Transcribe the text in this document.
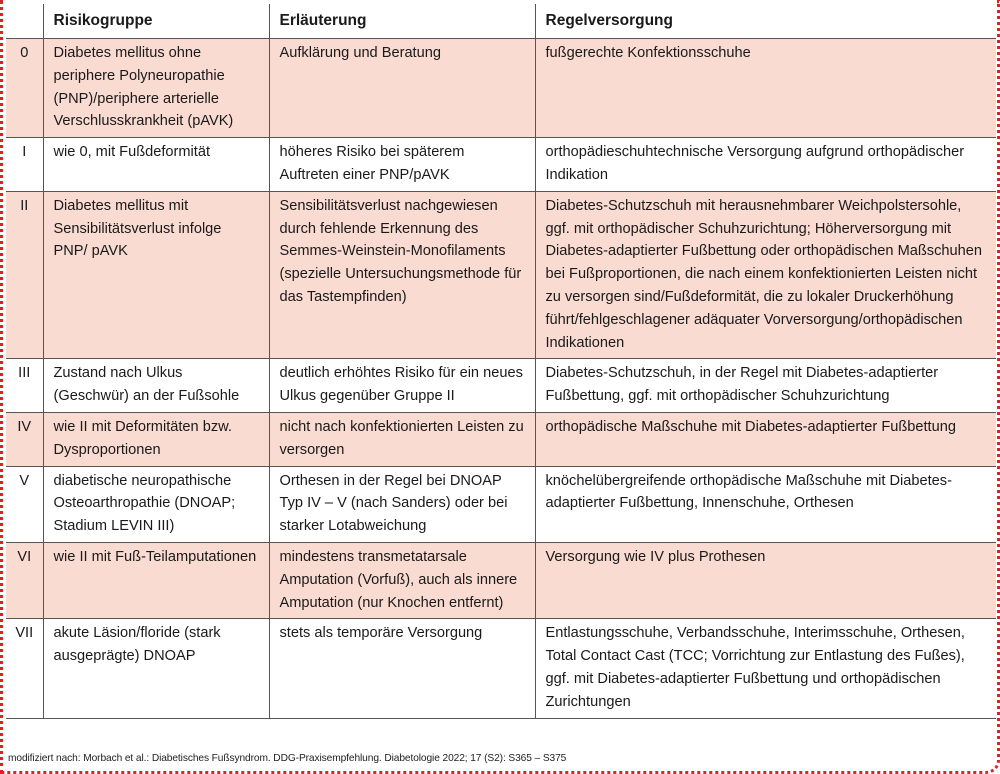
	Risikogruppe	Erläuterung	Regelversorgung
0	Diabetes mellitus ohne periphere Polyneuropathie (PNP)/periphere arterielle Verschlusskrankheit (pAVK)	Aufklärung und Beratung	fußgerechte Konfektionsschuhe
I	wie 0, mit Fußdeformität	höheres Risiko bei späterem Auftreten einer PNP/pAVK	orthopädieschuhtechnische Versorgung aufgrund orthopädischer Indikation
II	Diabetes mellitus mit Sensibilitätsverlust infolge PNP/ pAVK	Sensibilitätsverlust nachgewiesen durch fehlende Erkennung des Semmes-Weinstein-Monofilaments (spezielle Untersuchungsmethode für das Tastempfinden)	Diabetes-Schutzschuh mit herausnehmbarer Weichpolstersohle, ggf. mit orthopädischer Schuhzurichtung; Höherversorgung mit Diabetes-adaptierter Fußbettung oder orthopädischen Maßschuhen bei Fußproportionen, die nach einem konfektionierten Leisten nicht zu versorgen sind/Fußdeformität, die zu lokaler Druckerhöhung führt/fehlgeschlagener adäquater Vorversorgung/orthopädischen Indikationen
III	Zustand nach Ulkus (Geschwür) an der Fußsohle	deutlich erhöhtes Risiko für ein neues Ulkus gegenüber Gruppe II	Diabetes-Schutzschuh, in der Regel mit Diabetes-adaptierter Fußbettung, ggf. mit orthopädischer Schuhzurichtung
IV	wie II mit Deformitäten bzw. Dysproportionen	nicht nach konfektionierten Leisten zu versorgen	orthopädische Maßschuhe mit Diabetes-adaptierter Fußbettung
V	diabetische neuropathische Osteoarthropathie (DNOAP; Stadium LEVIN III)	Orthesen in der Regel bei DNOAP Typ IV – V (nach Sanders) oder bei starker Lotabweichung	knöchelübergreifende orthopädische Maßschuhe mit Diabetes-adaptierter Fußbettung, Innenschuhe, Orthesen
VI	wie II mit Fuß-Teilamputationen	mindestens transmetatarsale Amputation (Vorfuß), auch als innere Amputation (nur Knochen entfernt)	Versorgung wie IV plus Prothesen
VII	akute Läsion/floride (stark ausgeprägte) DNOAP	stets als temporäre Versorgung	Entlastungsschuhe, Verbandsschuhe, Interimsschuhe, Orthesen, Total Contact Cast (TCC; Vorrichtung zur Entlastung des Fußes), ggf. mit Diabetes-adaptierter Fußbettung und orthopädischen Zurichtungen
modifiziert nach: Morbach et al.: Diabetisches Fußsyndrom. DDG-Praxisempfehlung. Diabetologie 2022; 17 (S2): S365 – S375
